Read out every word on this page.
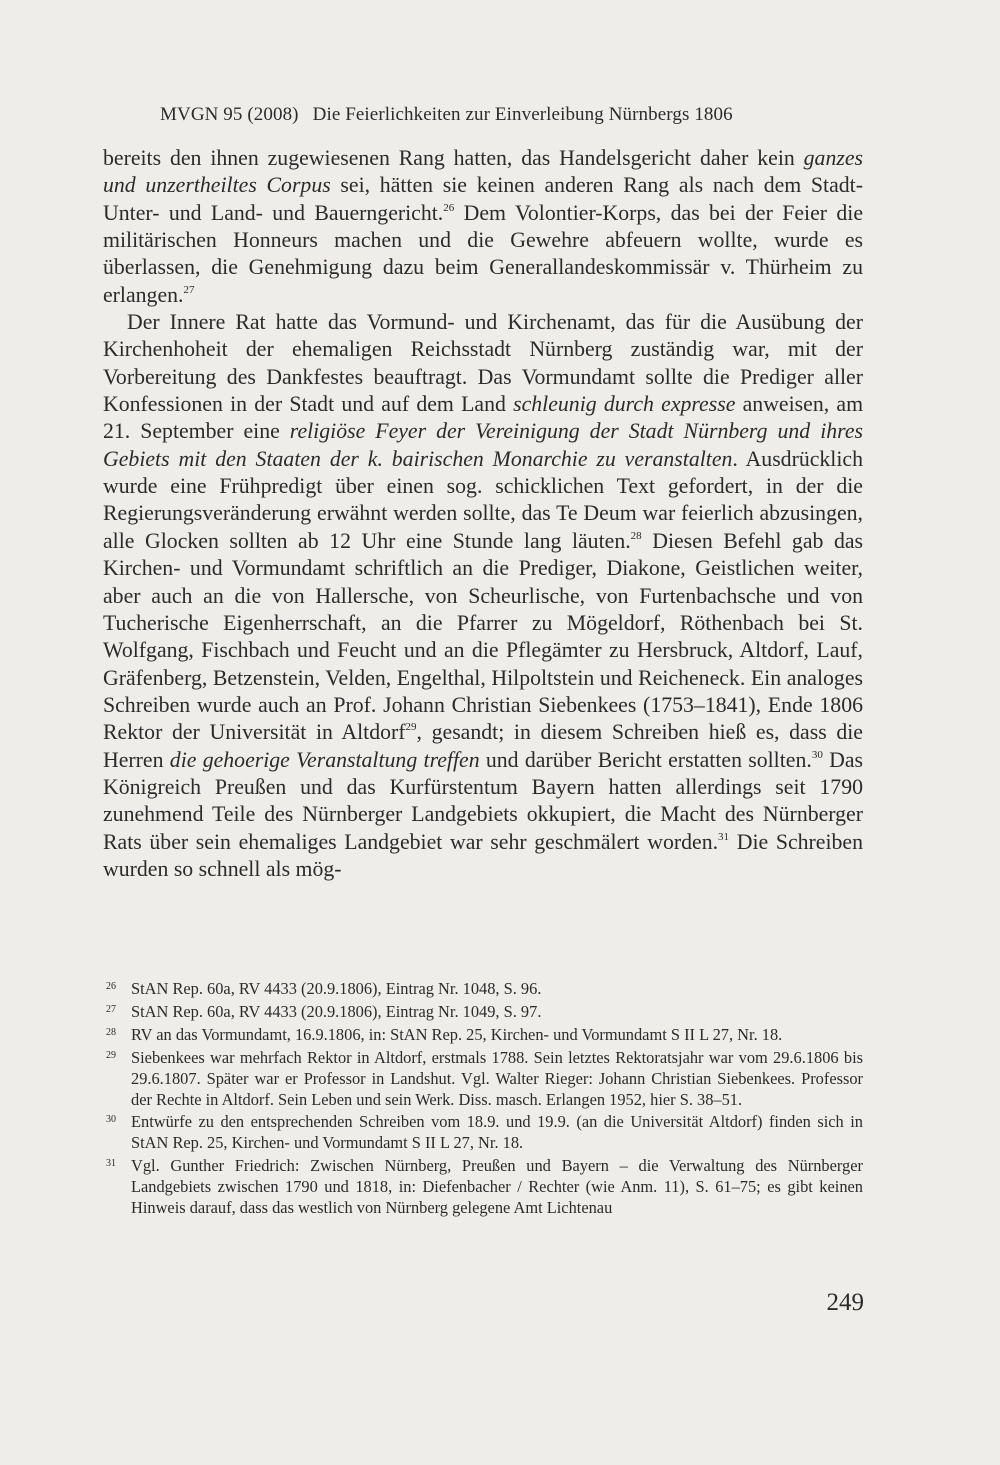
MVGN 95 (2008) Die Feierlichkeiten zur Einverleibung Nürnbergs 1806

bereits den ihnen zugewiesenen Rang hatten, das Handelsgericht daher kein ganzes und unzertheiltes Corpus sei, hätten sie keinen anderen Rang als nach dem Stadt-Unter- und Land- und Bauerngericht.$^{26}$ Dem Volontier-Korps, das bei der Feier die militärischen Honneurs machen und die Gewehre abfeuern wollte, wurde es überlassen, die Genehmigung dazu beim Generallandeskommissär v. Thürheim zu erlangen.$^{27}$

Der Innere Rat hatte das Vormund- und Kirchenamt, das für die Ausübung der Kirchenhoheit der ehemaligen Reichsstadt Nürnberg zuständig war, mit der Vorbereitung des Dankfestes beauftragt. Das Vormundamt sollte die Prediger aller Konfessionen in der Stadt und auf dem Land schleunig durch expresse anweisen, am 21. September eine religiöse Feyer der Vereinigung der Stadt Nürnberg und ihres Gebiets mit den Staaten der k. bairischen Monarchie zu veranstalten. Ausdrücklich wurde eine Frühpredigt über einen sog. schicklichen Text gefordert, in der die Regierungsveränderung erwähnt werden sollte, das Te Deum war feierlich abzusingen, alle Glocken sollten ab 12 Uhr eine Stunde lang läuten.$^{28}$ Diesen Befehl gab das Kirchen- und Vormundamt schriftlich an die Prediger, Diakone, Geistlichen weiter, aber auch an die von Hallersche, von Scheurlische, von Furtenbachsche und von Tucherische Eigenherrschaft, an die Pfarrer zu Mögeldorf, Röthenbach bei St. Wolfgang, Fischbach und Feucht und an die Pflegämter zu Hersbruck, Altdorf, Lauf, Gräfenberg, Betzenstein, Velden, Engelthal, Hilpoltstein und Reicheneck. Ein analoges Schreiben wurde auch an Prof. Johann Christian Siebenkees (1753–1841), Ende 1806 Rektor der Universität in Altdorf$^{29}$, gesandt; in diesem Schreiben hieß es, dass die Herren die gehoerige Veranstaltung treffen und darüber Bericht erstatten sollten.$^{30}$ Das Königreich Preußen und das Kurfürstentum Bayern hatten allerdings seit 1790 zunehmend Teile des Nürnberger Landgebiets okkupiert, die Macht des Nürnberger Rats über sein ehemaliges Landgebiet war sehr geschmälert worden.$^{31}$ Die Schreiben wurden so schnell als mög-

26 StAN Rep. 60a, RV 4433 (20.9.1806), Eintrag Nr. 1048, S. 96.
27 StAN Rep. 60a, RV 4433 (20.9.1806), Eintrag Nr. 1049, S. 97.
28 RV an das Vormundamt, 16.9.1806, in: StAN Rep. 25, Kirchen- und Vormundamt S II L 27, Nr. 18.
29 Siebenkees war mehrfach Rektor in Altdorf, erstmals 1788. Sein letztes Rektoratsjahr war vom 29.6.1806 bis 29.6.1807. Später war er Professor in Landshut. Vgl. Walter Rieger: Johann Christian Siebenkees. Professor der Rechte in Altdorf. Sein Leben und sein Werk. Diss. masch. Erlangen 1952, hier S. 38–51.
30 Entwürfe zu den entsprechenden Schreiben vom 18.9. und 19.9. (an die Universität Altdorf) finden sich in StAN Rep. 25, Kirchen- und Vormundamt S II L 27, Nr. 18.
31 Vgl. Gunther Friedrich: Zwischen Nürnberg, Preußen und Bayern – die Verwaltung des Nürnberger Landgebiets zwischen 1790 und 1818, in: Diefenbacher / Rechter (wie Anm. 11), S. 61–75; es gibt keinen Hinweis darauf, dass das westlich von Nürnberg gelegene Amt Lichtenau
249
